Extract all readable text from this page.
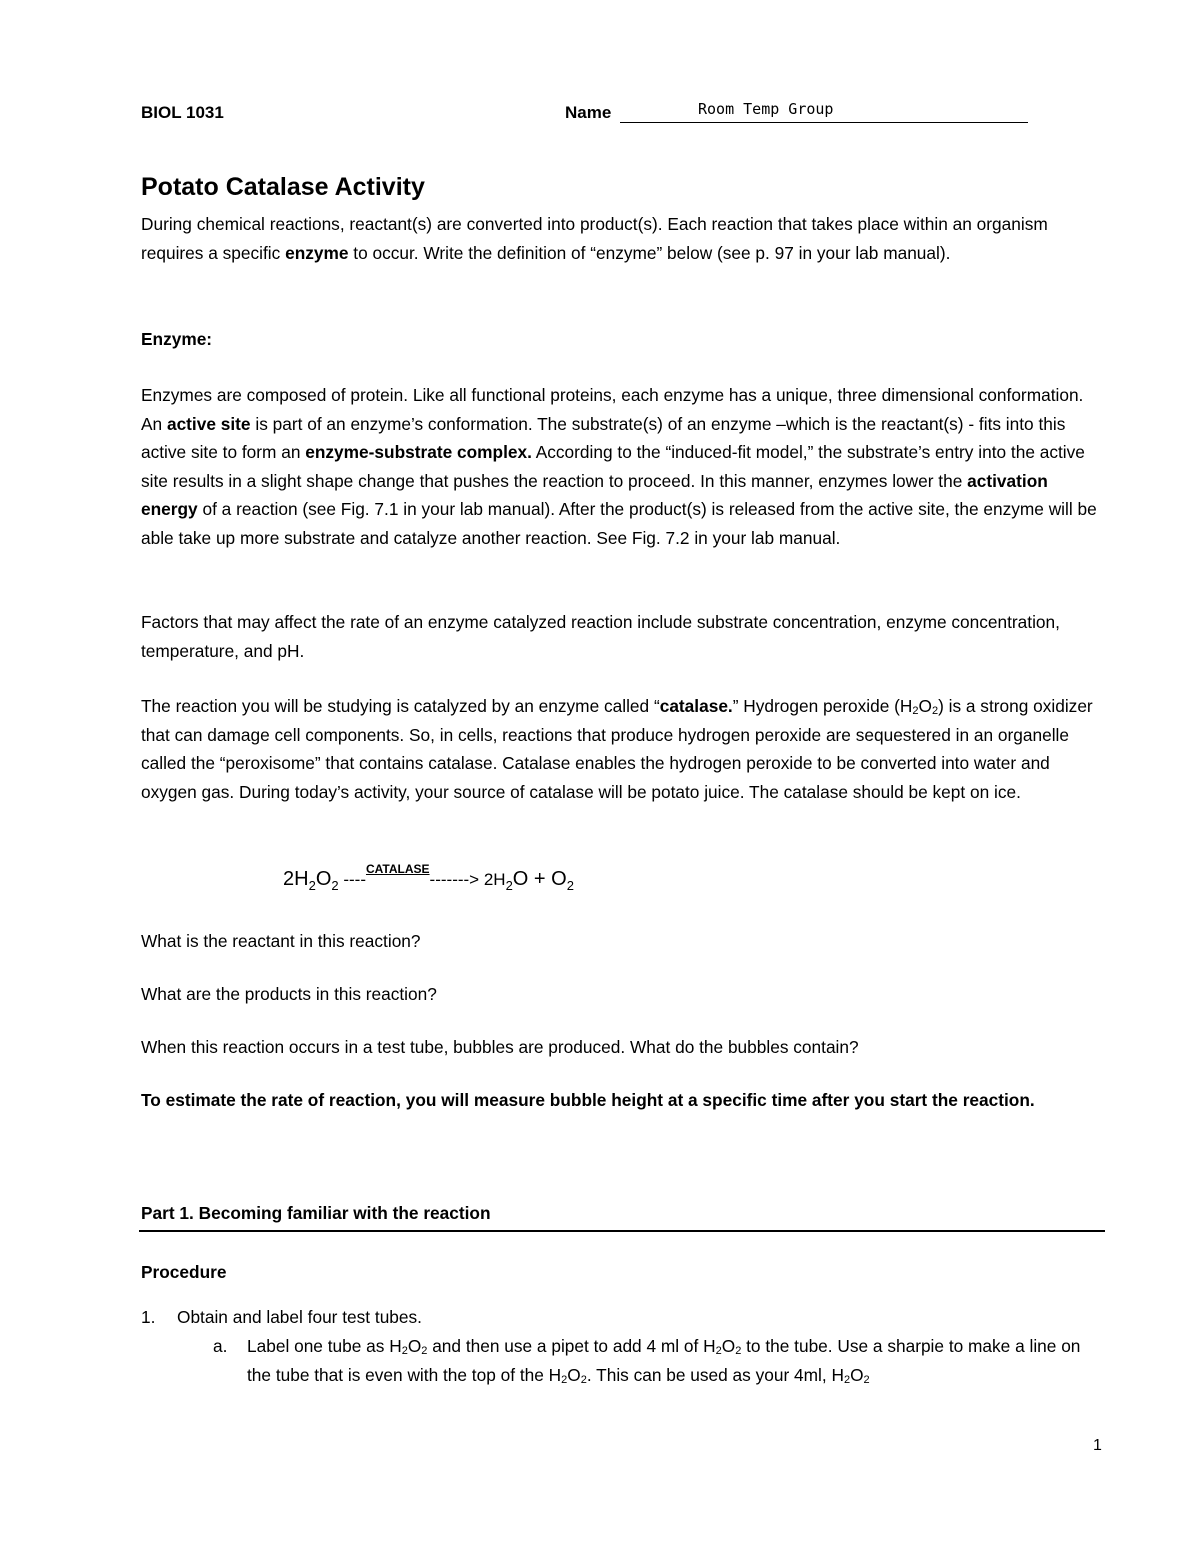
BIOL 1031	Name	Room Temp Group
Potato Catalase Activity

During chemical reactions, reactant(s) are converted into product(s). Each reaction that takes place within an organism requires a specific enzyme to occur. Write the definition of “enzyme” below (see p. 97 in your lab manual).

Enzyme:

Enzymes are composed of protein. Like all functional proteins, each enzyme has a unique, three dimensional conformation. An active site is part of an enzyme’s conformation. The substrate(s) of an enzyme –which is the reactant(s) - fits into this active site to form an enzyme-substrate complex. According to the “induced-fit model,” the substrate’s entry into the active site results in a slight shape change that pushes the reaction to proceed. In this manner, enzymes lower the activation energy of a reaction (see Fig. 7.1 in your lab manual). After the product(s) is released from the active site, the enzyme will be able take up more substrate and catalyze another reaction. See Fig. 7.2 in your lab manual.

Factors that may affect the rate of an enzyme catalyzed reaction include substrate concentration, enzyme concentration, temperature, and pH.

The reaction you will be studying is catalyzed by an enzyme called “catalase.” Hydrogen peroxide $(H_2O_2)$ is a strong oxidizer that can damage cell components. So, in cells, reactions that produce hydrogen peroxide are sequestered in an organelle called the “peroxisome” that contains catalase. Catalase enables the hydrogen peroxide to be converted into water and oxygen gas. During today’s activity, your source of catalase will be potato juice. The catalase should be kept on ice.

$2H_2O_2$ $----^{CATALASE}-------> 2H_2O + O_2$

What is the reactant in this reaction?

What are the products in this reaction?

When this reaction occurs in a test tube, bubbles are produced. What do the bubbles contain?

To estimate the rate of reaction, you will measure bubble height at a specific time after you start the reaction.

Part 1. Becoming familiar with the reaction

Procedure

1. Obtain and label four test tubes.
a. Label one tube as $H_2O_2$ and then use a pipet to add 4 ml of $H_2O_2$ to the tube. Use a sharpie to make a line on the tube that is even with the top of the $H_2O_2$. This can be used as your 4ml, $H_2O_2$
1
